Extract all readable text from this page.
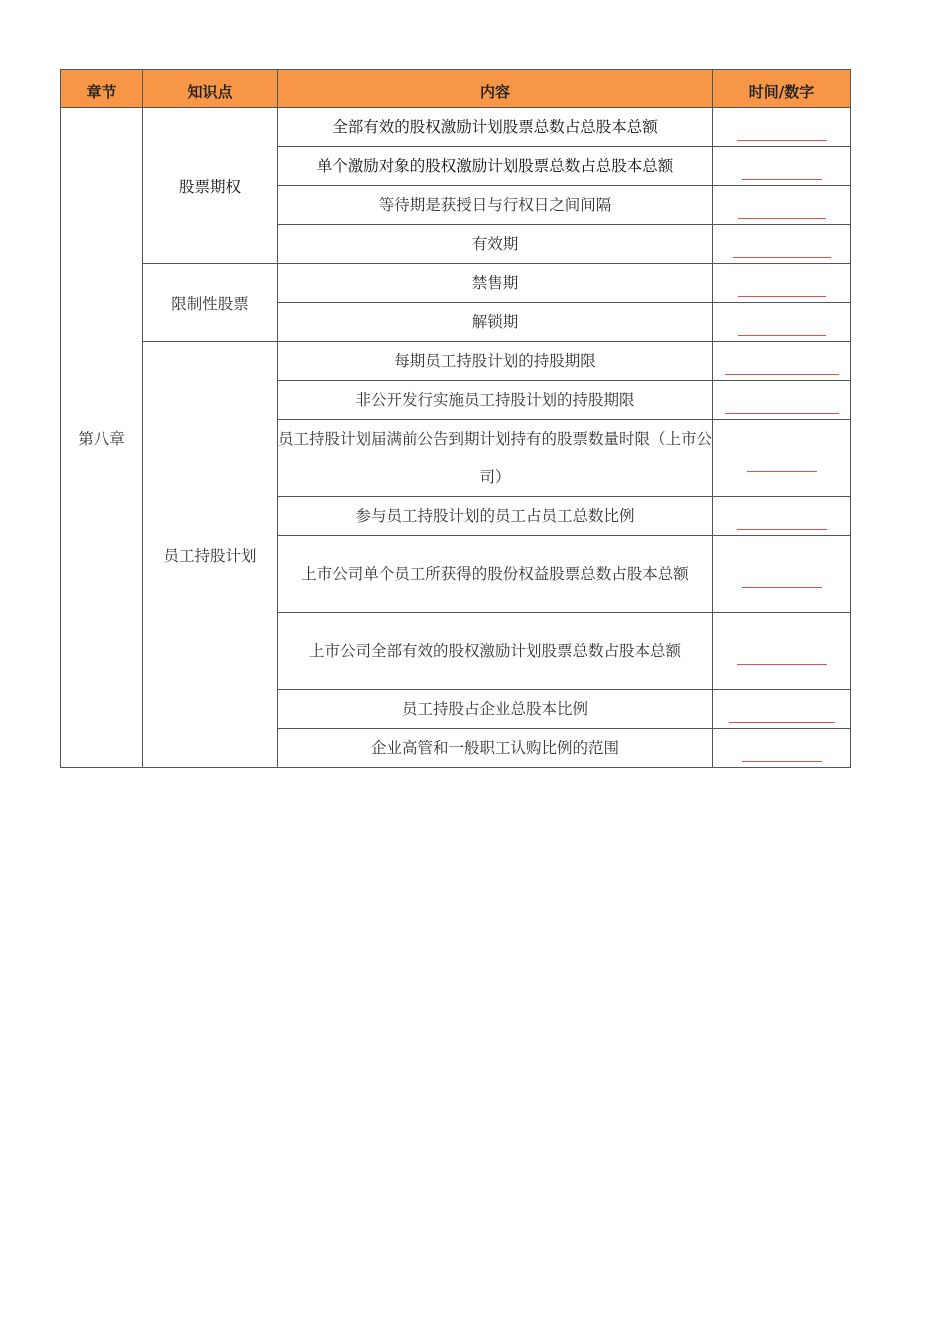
章节	知识点	内容	时间/数字
第八章	股票期权	全部有效的股权激励计划股票总数占总股本总额	
		单个激励对象的股权激励计划股票总数占总股本总额	
		等待期是获授日与行权日之间间隔	
		有效期	
	限制性股票	禁售期	
		解锁期	
	员工持股计划	每期员工持股计划的持股期限	
		非公开发行实施员工持股计划的持股期限	
		员工持股计划届满前公告到期计划持有的股票数量时限（上市公司）	
		参与员工持股计划的员工占员工总数比例	
		上市公司单个员工所获得的股份权益股票总数占股本总额	
		上市公司全部有效的股权激励计划股票总数占股本总额	
		员工持股占企业总股本比例	
		企业高管和一般职工认购比例的范围	
